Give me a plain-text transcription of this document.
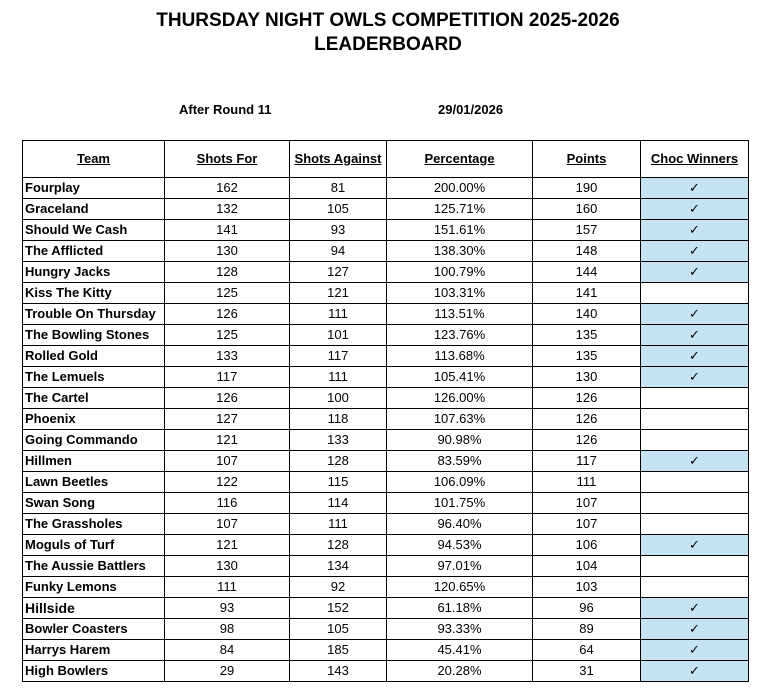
THURSDAY NIGHT OWLS COMPETITION 2025-2026
LEADERBOARD
After Round 11	29/01/2026
Team	Shots For	Shots Against	Percentage	Points	Choc Winners
Fourplay	162	81	200.00%	190	✓
Graceland	132	105	125.71%	160	✓
Should We Cash	141	93	151.61%	157	✓
The Afflicted	130	94	138.30%	148	✓
Hungry Jacks	128	127	100.79%	144	✓
Kiss The Kitty	125	121	103.31%	141	
Trouble On Thursday	126	111	113.51%	140	✓
The Bowling Stones	125	101	123.76%	135	✓
Rolled Gold	133	117	113.68%	135	✓
The Lemuels	117	111	105.41%	130	✓
The Cartel	126	100	126.00%	126	
Phoenix	127	118	107.63%	126	
Going Commando	121	133	90.98%	126	
Hillmen	107	128	83.59%	117	✓
Lawn Beetles	122	115	106.09%	111	
Swan Song	116	114	101.75%	107	
The Grassholes	107	111	96.40%	107	
Moguls of Turf	121	128	94.53%	106	✓
The Aussie Battlers	130	134	97.01%	104	
Funky Lemons	111	92	120.65%	103	
Hillside	93	152	61.18%	96	✓
Bowler Coasters	98	105	93.33%	89	✓
Harrys Harem	84	185	45.41%	64	✓
High Bowlers	29	143	20.28%	31	✓
